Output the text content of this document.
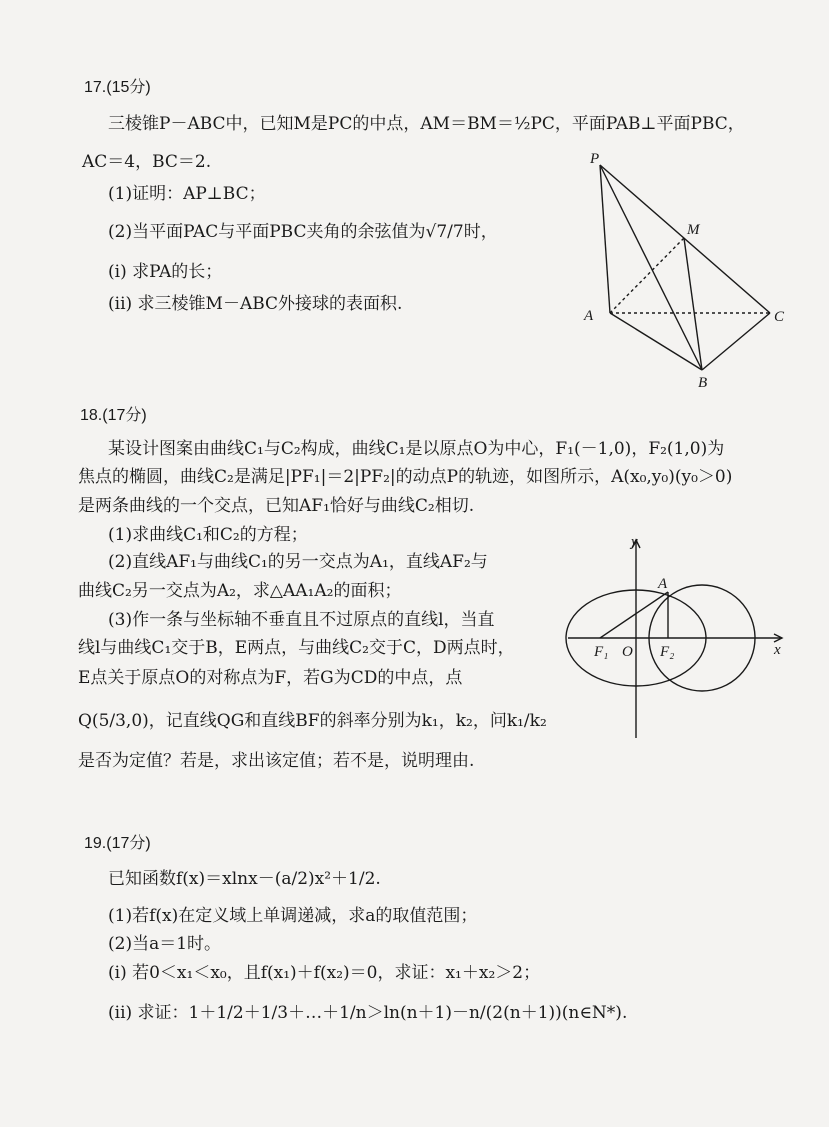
17.(15分)
三棱锥P－ABC中，已知M是PC的中点，AM＝BM＝½PC，平面PAB⊥平面PBC，
AC＝4，BC＝2.
(1)证明：AP⊥BC；
(2)当平面PAC与平面PBC夹角的余弦值为√7/7时，
(i) 求PA的长；
(ii) 求三棱锥M－ABC外接球的表面积.
P
M
A	C
B
18.(17分)
某设计图案由曲线C₁与C₂构成，曲线C₁是以原点O为中心，F₁(－1,0)，F₂(1,0)为
焦点的椭圆，曲线C₂是满足|PF₁|＝2|PF₂|的动点P的轨迹，如图所示，A(x₀,y₀)(y₀＞0)
是两条曲线的一个交点，已知AF₁恰好与曲线C₂相切.
(1)求曲线C₁和C₂的方程；
(2)直线AF₁与曲线C₁的另一交点为A₁，直线AF₂与
曲线C₂另一交点为A₂，求△AA₁A₂的面积；
(3)作一条与坐标轴不垂直且不过原点的直线l，当直
线l与曲线C₁交于B，E两点，与曲线C₂交于C，D两点时，
E点关于原点O的对称点为F，若G为CD的中点，点
Q(5/3,0)，记直线QG和直线BF的斜率分别为k₁，k₂，问k₁/k₂
是否为定值？若是，求出该定值；若不是，说明理由.
y
x
A
F₁ O F₂
19.(17分)
已知函数f(x)＝xlnx－(a/2)x²＋1/2.
(1)若f(x)在定义域上单调递减，求a的取值范围；
(2)当a＝1时。
(i) 若0＜x₁＜x₀，且f(x₁)＋f(x₂)＝0，求证：x₁＋x₂＞2；
(ii) 求证：1＋1/2＋1/3＋…＋1/n＞ln(n＋1)－n/(2(n＋1))(n∈N*).
